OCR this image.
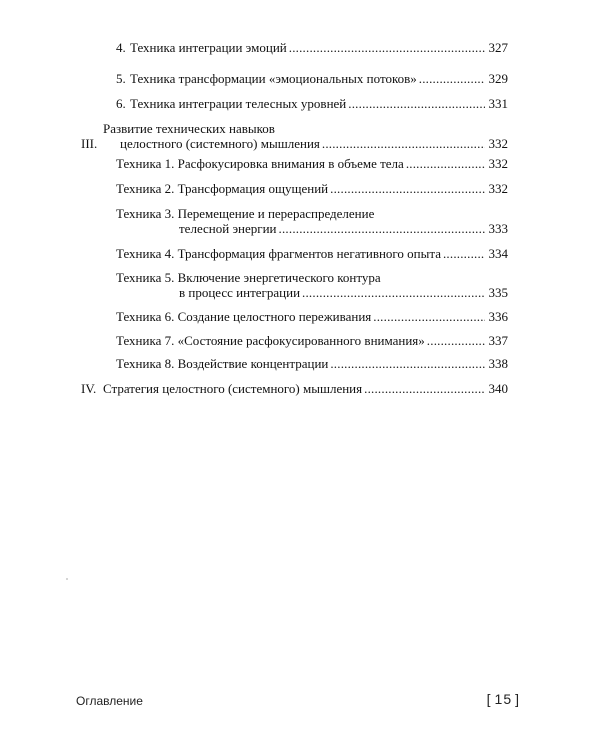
4. Техника интеграции эмоций .....	327
5. Техника трансформации «эмоциональных потоков» .....	329
6. Техника интеграции телесных уровней .....	331
III.
Развитие технических навыков
целостного (системного) мышления .....	332
Техника 1. Расфокусировка внимания в объеме тела .....	332
Техника 2. Трансформация ощущений .....	332
Техника 3. Перемещение и перераспределение
телесной энергии .....	333
Техника 4. Трансформация фрагментов негативного опыта .....	334
Техника 5. Включение энергетического контура
в процесс интеграции .....	335
Техника 6. Создание целостного переживания .....	336
Техника 7. «Состояние расфокусированного внимания» .....	337
Техника 8. Воздействие концентрации .....	338
IV. Стратегия целостного (системного) мышления .....	340
Оглавление	[ 15 ]
